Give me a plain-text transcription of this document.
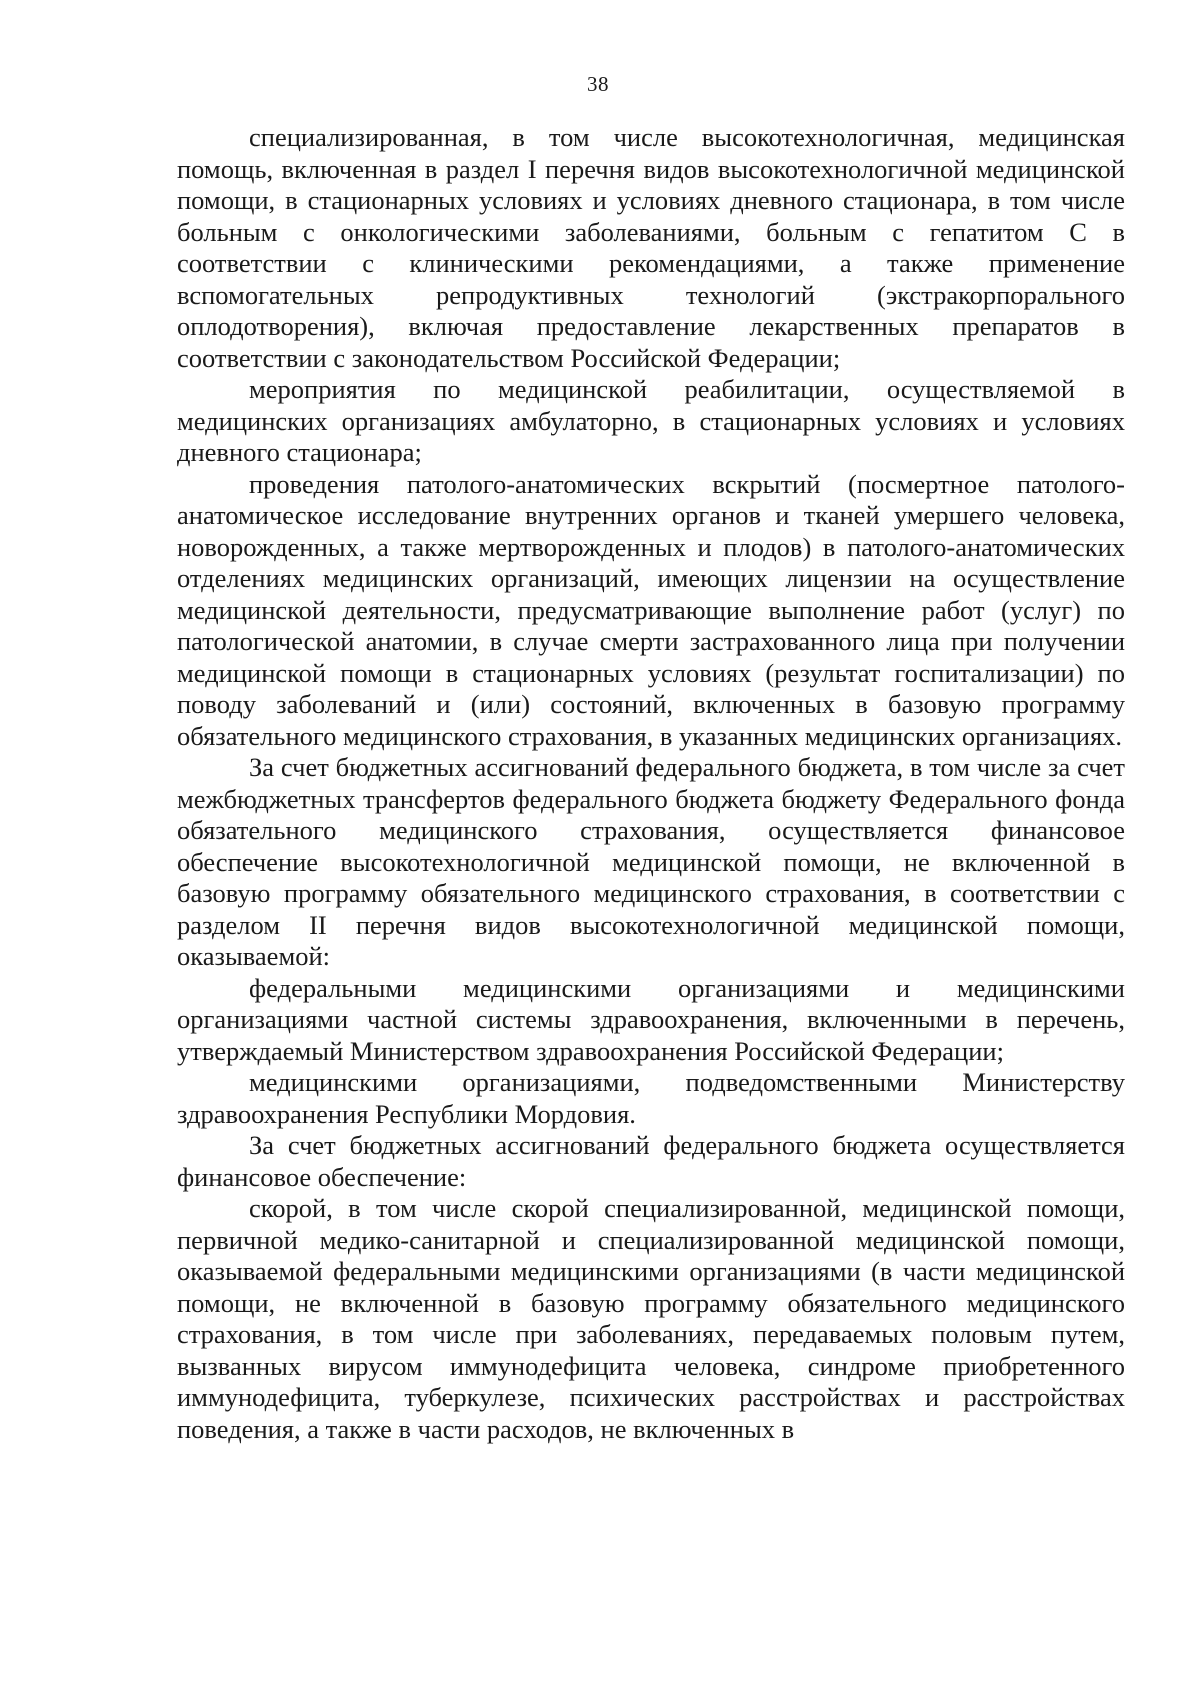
38

специализированная, в том числе высокотехнологичная, медицинская помощь, включенная в раздел I перечня видов высокотехнологичной медицинской помощи, в стационарных условиях и условиях дневного стационара, в том числе больным с онкологическими заболеваниями, больным с гепатитом C в соответствии с клиническими рекомендациями, а также применение вспомогательных репродуктивных технологий (экстракорпорального оплодотворения), включая предоставление лекарственных препаратов в соответствии с законодательством Российской Федерации;

мероприятия по медицинской реабилитации, осуществляемой в медицинских организациях амбулаторно, в стационарных условиях и условиях дневного стационара;

проведения патолого-анатомических вскрытий (посмертное патолого-анатомическое исследование внутренних органов и тканей умершего человека, новорожденных, а также мертворожденных и плодов) в патолого-анатомических отделениях медицинских организаций, имеющих лицензии на осуществление медицинской деятельности, предусматривающие выполнение работ (услуг) по патологической анатомии, в случае смерти застрахованного лица при получении медицинской помощи в стационарных условиях (результат госпитализации) по поводу заболеваний и (или) состояний, включенных в базовую программу обязательного медицинского страхования, в указанных медицинских организациях.

За счет бюджетных ассигнований федерального бюджета, в том числе за счет межбюджетных трансфертов федерального бюджета бюджету Федерального фонда обязательного медицинского страхования, осуществляется финансовое обеспечение высокотехнологичной медицинской помощи, не включенной в базовую программу обязательного медицинского страхования, в соответствии с разделом II перечня видов высокотехнологичной медицинской помощи, оказываемой:

федеральными медицинскими организациями и медицинскими организациями частной системы здравоохранения, включенными в перечень, утверждаемый Министерством здравоохранения Российской Федерации;

медицинскими организациями, подведомственными Министерству здравоохранения Республики Мордовия.

За счет бюджетных ассигнований федерального бюджета осуществляется финансовое обеспечение:

скорой, в том числе скорой специализированной, медицинской помощи, первичной медико-санитарной и специализированной медицинской помощи, оказываемой федеральными медицинскими организациями (в части медицинской помощи, не включенной в базовую программу обязательного медицинского страхования, в том числе при заболеваниях, передаваемых половым путем, вызванных вирусом иммунодефицита человека, синдроме приобретенного иммунодефицита, туберкулезе, психических расстройствах и расстройствах поведения, а также в части расходов, не включенных в
